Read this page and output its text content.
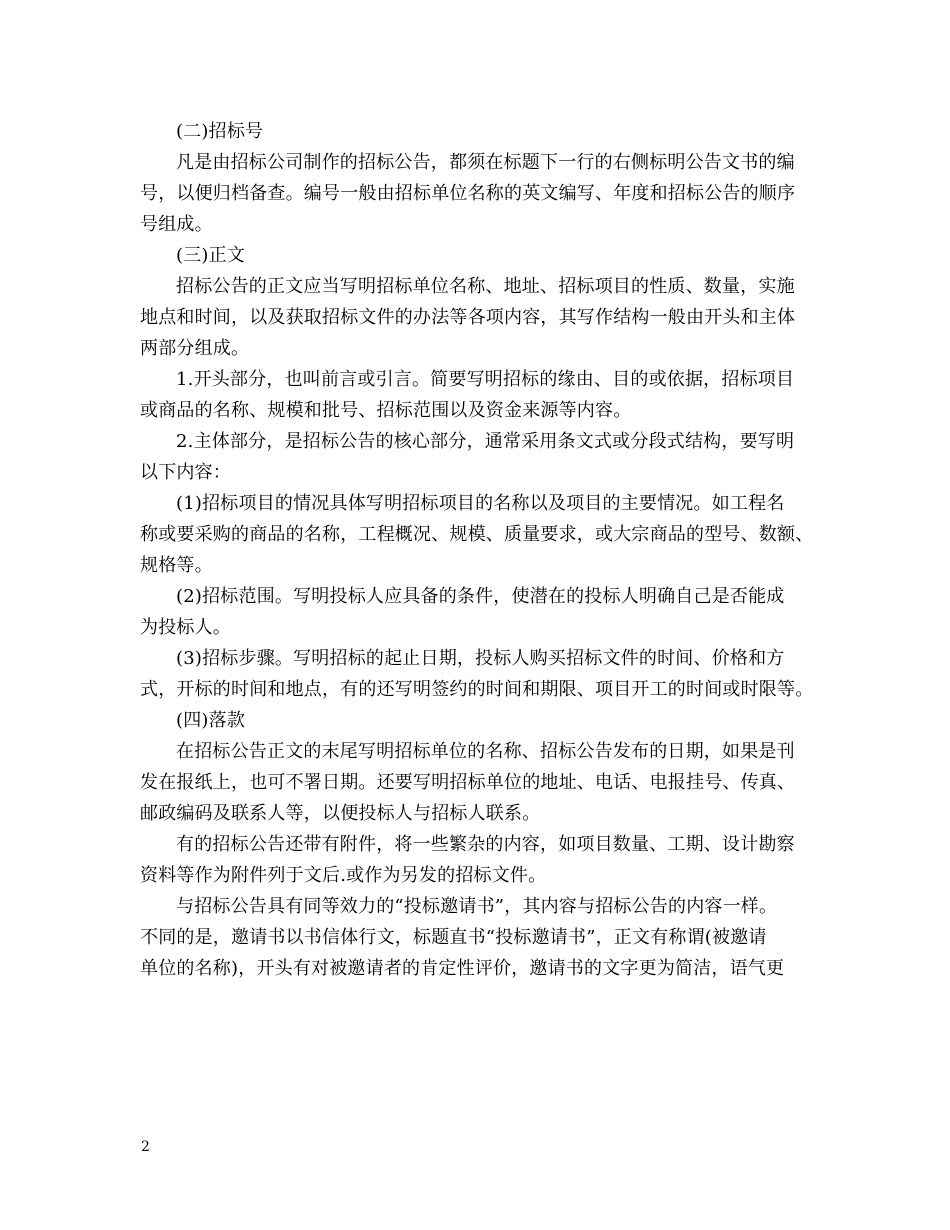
(二)招标号
凡是由招标公司制作的招标公告，都须在标题下一行的右侧标明公告文书的编
号，以便归档备查。编号一般由招标单位名称的英文编写、年度和招标公告的顺序
号组成。
(三)正文
招标公告的正文应当写明招标单位名称、地址、招标项目的性质、数量，实施
地点和时间，以及获取招标文件的办法等各项内容，其写作结构一般由开头和主体
两部分组成。
1.开头部分，也叫前言或引言。简要写明招标的缘由、目的或依据，招标项目
或商品的名称、规模和批号、招标范围以及资金来源等内容。
2.主体部分，是招标公告的核心部分，通常采用条文式或分段式结构，要写明
以下内容：
(1)招标项目的情况具体写明招标项目的名称以及项目的主要情况。如工程名
称或要采购的商品的名称，工程概况、规模、质量要求，或大宗商品的型号、数额、
规格等。
(2)招标范围。写明投标人应具备的条件，使潜在的投标人明确自己是否能成
为投标人。
(3)招标步骤。写明招标的起止日期，投标人购买招标文件的时间、价格和方
式，开标的时间和地点，有的还写明签约的时间和期限、项目开工的时间或时限等。
(四)落款
在招标公告正文的末尾写明招标单位的名称、招标公告发布的日期，如果是刊
发在报纸上，也可不署日期。还要写明招标单位的地址、电话、电报挂号、传真、
邮政编码及联系人等，以便投标人与招标人联系。
有的招标公告还带有附件，将一些繁杂的内容，如项目数量、工期、设计勘察
资料等作为附件列于文后.或作为另发的招标文件。
与招标公告具有同等效力的“投标邀请书”，其内容与招标公告的内容一样。
不同的是，邀请书以书信体行文，标题直书“投标邀请书”，正文有称谓(被邀请
单位的名称)，开头有对被邀请者的肯定性评价，邀请书的文字更为简洁，语气更
2
